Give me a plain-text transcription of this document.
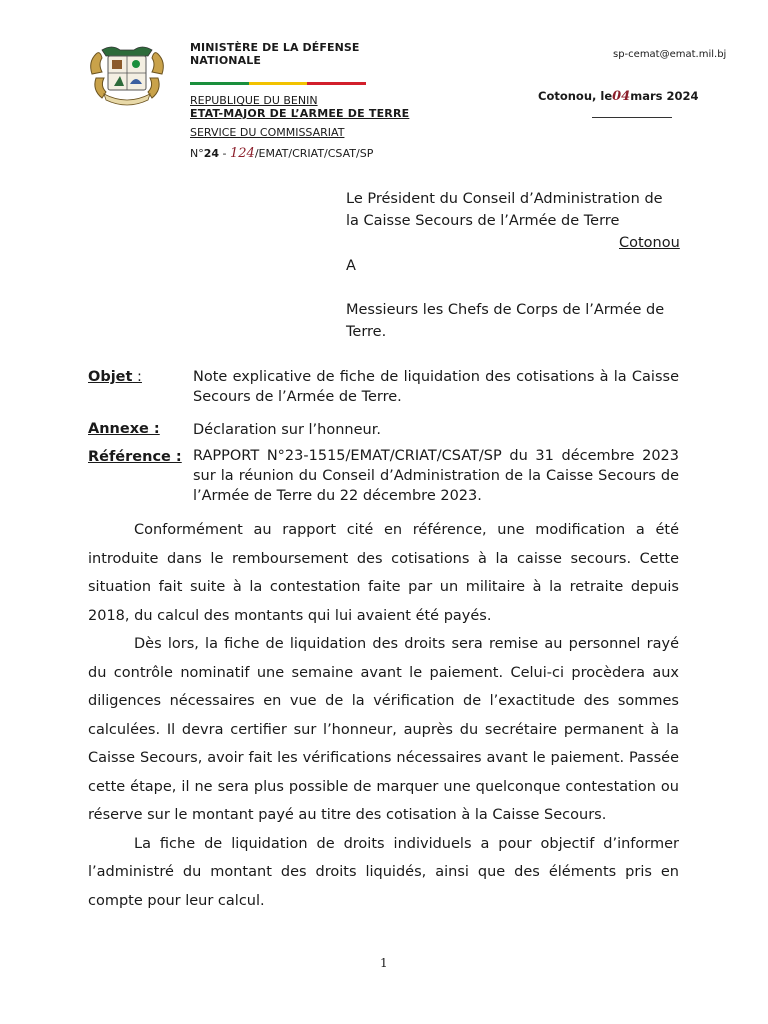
MINISTÈRE DE LA DÉFENSE
NATIONALE
REPUBLIQUE DU BENIN
ETAT-MAJOR DE L’ARMEE DE TERRE
SERVICE DU COMMISSARIAT
N°24 - 124/EMAT/CRIAT/CSAT/SP
sp-cemat@emat.mil.bj
Cotonou, le04mars 2024
Le Président du Conseil d’Administration de
la Caisse Secours de l’Armée de Terre
Cotonou
A
Messieurs les Chefs de Corps de l’Armée de
Terre.
Objet :	Note explicative de fiche de liquidation des cotisations à la Caisse Secours de l’Armée de Terre.
Annexe : Déclaration sur l’honneur.
Référence : RAPPORT N°23-1515/EMAT/CRIAT/CSAT/SP du 31 décembre 2023 sur la réunion du Conseil d’Administration de la Caisse Secours de l’Armée de Terre du 22 décembre 2023.

Conformément au rapport cité en référence, une modification a été introduite dans le remboursement des cotisations à la caisse secours. Cette situation fait suite à la contestation faite par un militaire à la retraite depuis 2018, du calcul des montants qui lui avaient été payés.

Dès lors, la fiche de liquidation des droits sera remise au personnel rayé du contrôle nominatif une semaine avant le paiement. Celui-ci procèdera aux diligences nécessaires en vue de la vérification de l’exactitude des sommes calculées. Il devra certifier sur l’honneur, auprès du secrétaire permanent à la Caisse Secours, avoir fait les vérifications nécessaires avant le paiement. Passée cette étape, il ne sera plus possible de marquer une quelconque contestation ou réserve sur le montant payé au titre des cotisation à la Caisse Secours.

La fiche de liquidation de droits individuels a pour objectif d’informer l’administré du montant des droits liquidés, ainsi que des éléments pris en compte pour leur calcul.

1
